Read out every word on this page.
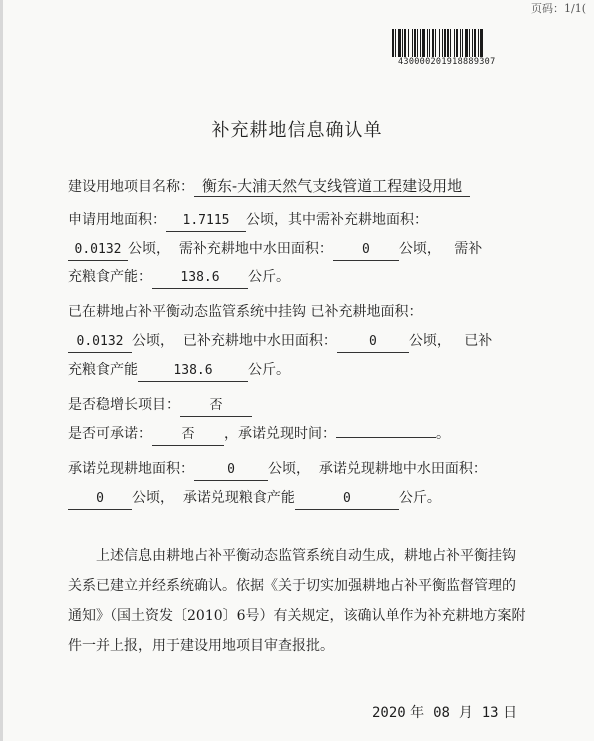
页码：1/1(
430000201918889307
补充耕地信息确认单
建设用地项目名称： 衡东-大浦天然气支线管道工程建设用地
申请用地面积： 1.7115 公顷，其中需补充耕地面积：
0.0132 公顷， 需补充耕地中水田面积： 0 公顷， 需补
充粮食产能： 138.6 公斤。
已在耕地占补平衡动态监管系统中挂钩 已补充耕地面积：
0.0132 公顷， 已补充耕地中水田面积： 0 公顷， 已补
充粮食产能	138.6	公斤。
是否稳增长项目： 否
是否可承诺： 否 ，承诺兑现时间：	。
承诺兑现耕地面积：	0 公顷， 承诺兑现耕地中水田面积：
0 公顷， 承诺兑现粮食产能	0	公斤。
上述信息由耕地占补平衡动态监管系统自动生成，耕地占补平衡挂钩关系已建立并经系统确认。依据《关于切实加强耕地占补平衡监督管理的通知》（国土资发〔2010〕6号）有关规定，该确认单作为补充耕地方案附件一并上报，用于建设用地项目审查报批。
2020 年 08 月 13 日
